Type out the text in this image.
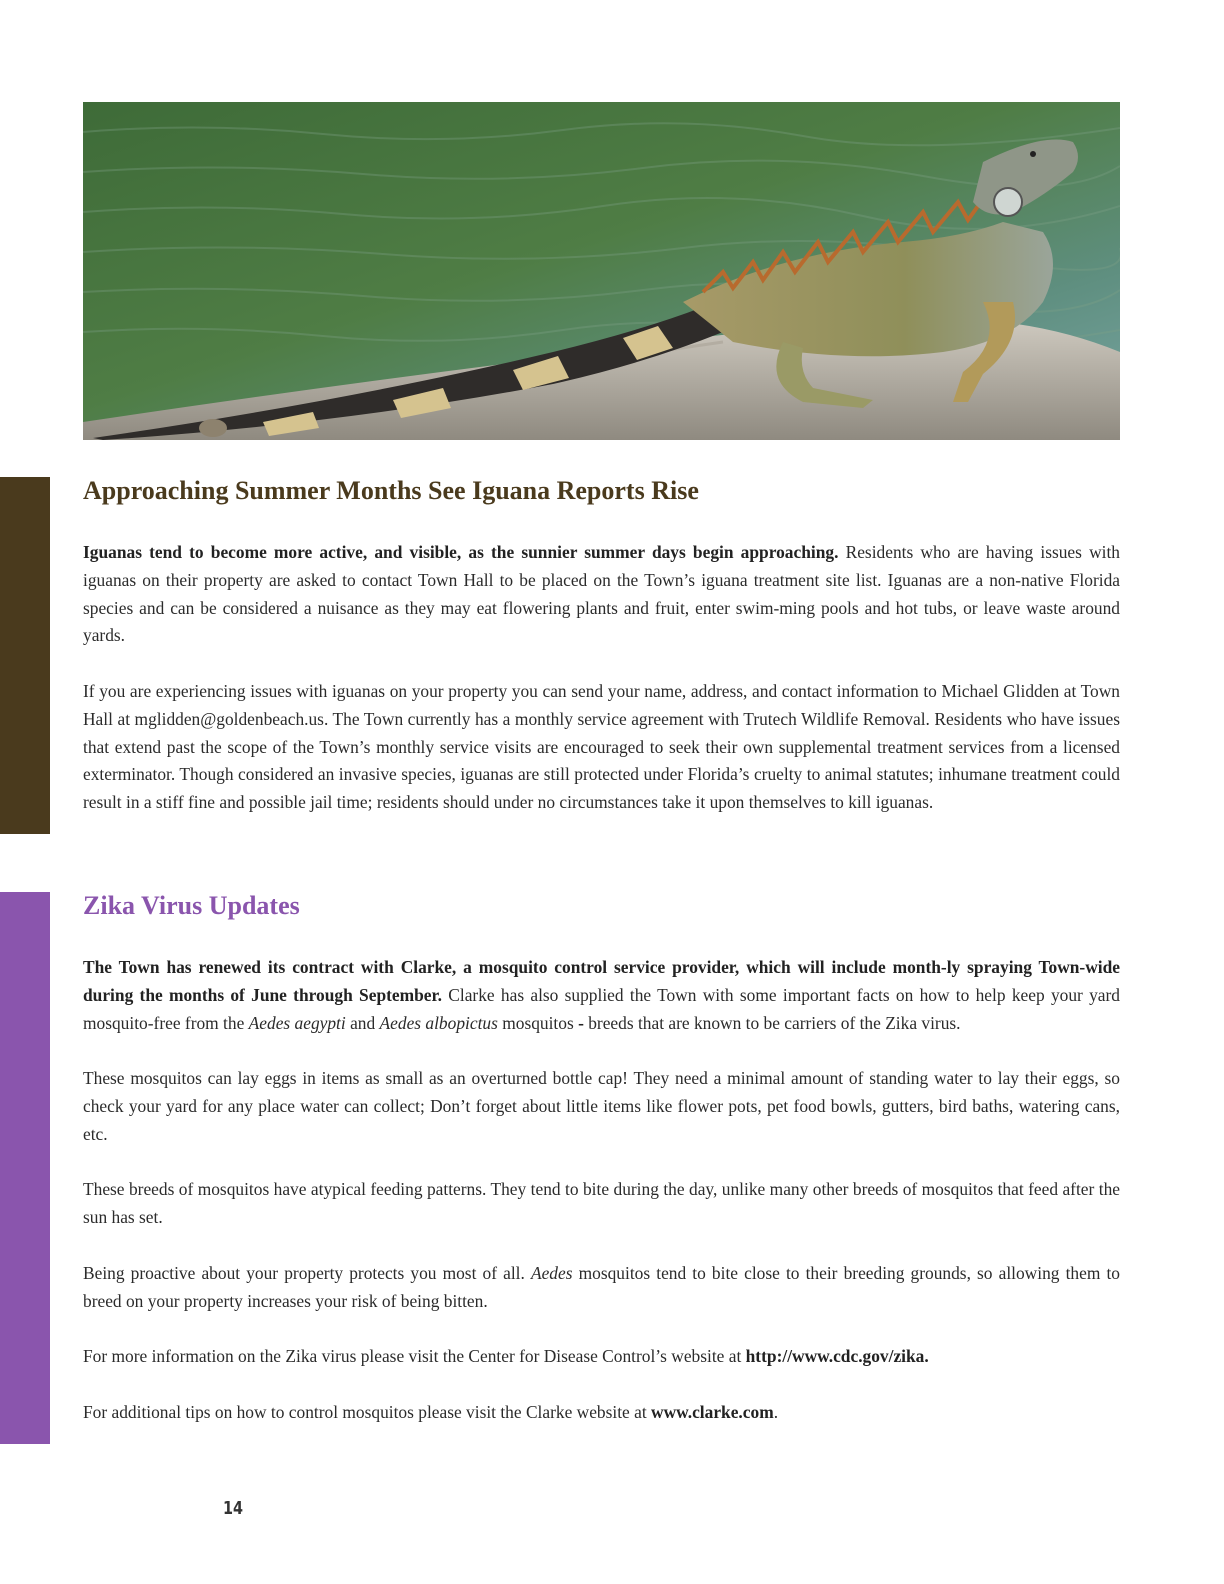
Approaching Summer Months See Iguana Reports Rise

Iguanas tend to become more active, and visible, as the sunnier summer days begin approaching. Residents who are having issues with iguanas on their property are asked to contact Town Hall to be placed on the Town’s iguana treatment site list. Iguanas are a non-native Florida species and can be considered a nuisance as they may eat flowering plants and fruit, enter swim-ming pools and hot tubs, or leave waste around yards.

If you are experiencing issues with iguanas on your property you can send your name, address, and contact information to Michael Glidden at Town Hall at mglidden@goldenbeach.us. The Town currently has a monthly service agreement with Trutech Wildlife Removal. Residents who have issues that extend past the scope of the Town’s monthly service visits are encouraged to seek their own supplemental treatment services from a licensed exterminator. Though considered an invasive species, iguanas are still protected under Florida’s cruelty to animal statutes; inhumane treatment could result in a stiff fine and possible jail time; residents should under no circumstances take it upon themselves to kill iguanas.

Zika Virus Updates

The Town has renewed its contract with Clarke, a mosquito control service provider, which will include month-ly spraying Town-wide during the months of June through September. Clarke has also supplied the Town with some important facts on how to help keep your yard mosquito-free from the Aedes aegypti and Aedes albopictus mosquitos - breeds that are known to be carriers of the Zika virus.

These mosquitos can lay eggs in items as small as an overturned bottle cap! They need a minimal amount of standing water to lay their eggs, so check your yard for any place water can collect; Don’t forget about little items like flower pots, pet food bowls, gutters, bird baths, watering cans, etc.

These breeds of mosquitos have atypical feeding patterns. They tend to bite during the day, unlike many other breeds of mosquitos that feed after the sun has set.

Being proactive about your property protects you most of all. Aedes mosquitos tend to bite close to their breeding grounds, so allowing them to breed on your property increases your risk of being bitten.

For more information on the Zika virus please visit the Center for Disease Control’s website at http://www.cdc.gov/zika.

For additional tips on how to control mosquitos please visit the Clarke website at www.clarke.com.

14
